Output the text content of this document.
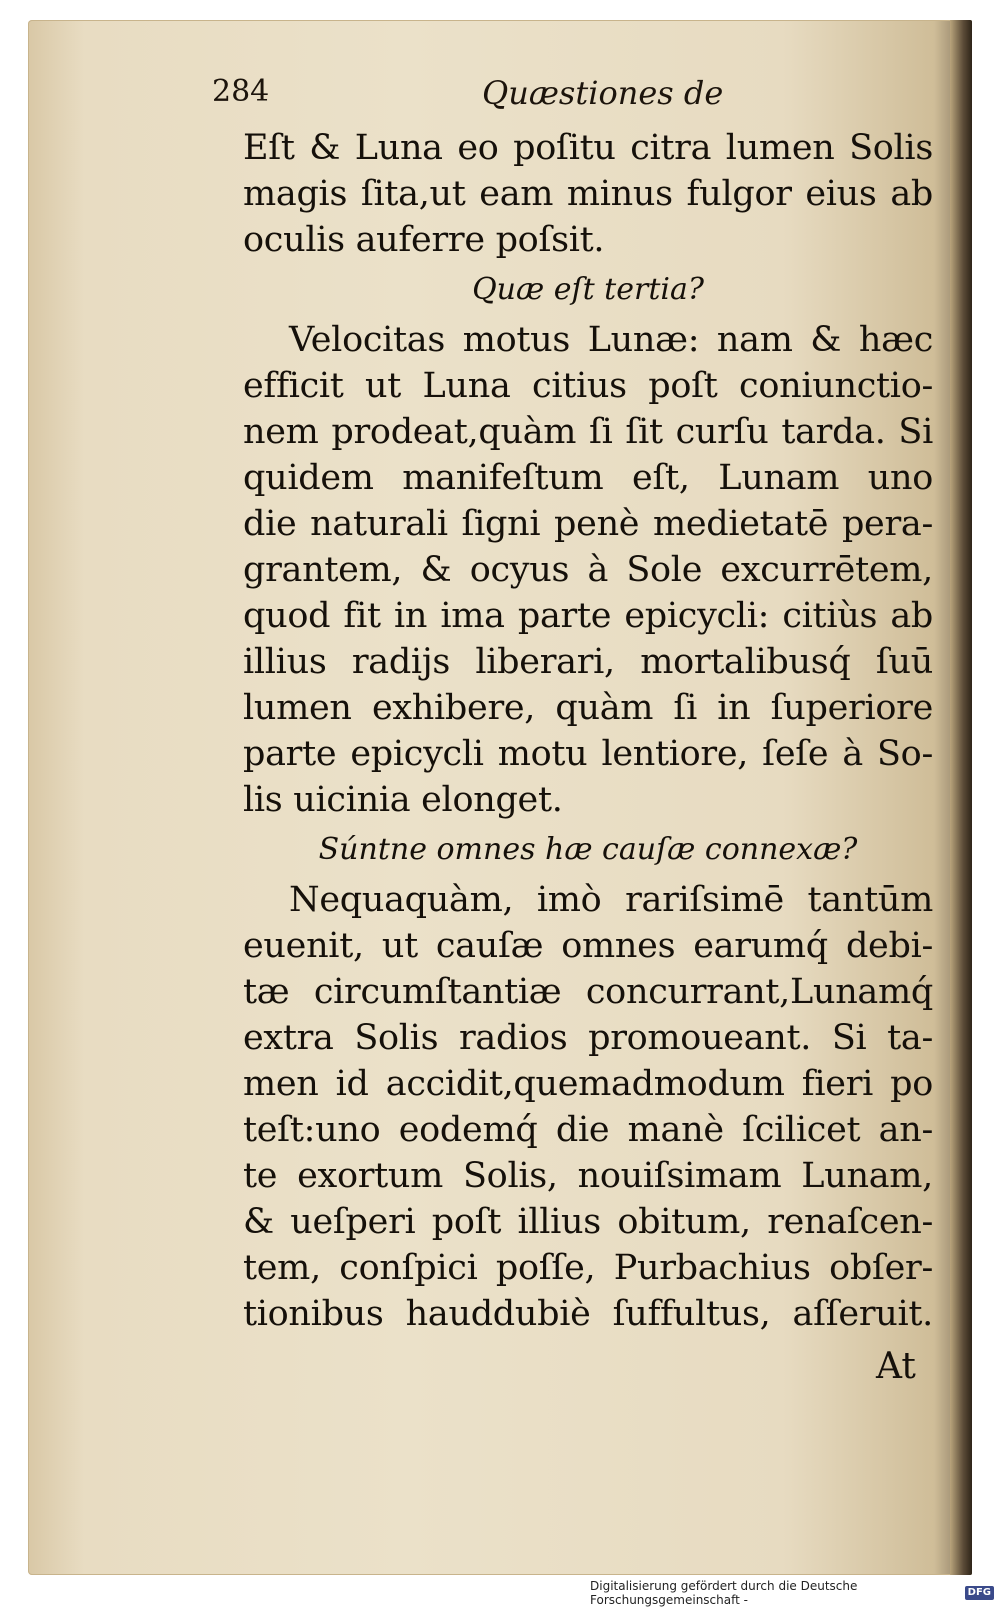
284	Quæstiones de
Eſt & Luna eo poſitu citra lumen Solis
magis ſita,ut eam minus fulgor eius ab
oculis auferre poſsit.
Quæ eſt tertia?
Velocitas motus Lunæ: nam & hæc
efficit ut Luna citius poſt coniunctio-
nem prodeat,quàm ſi ſit curſu tarda. Si
quidem manifeſtum eſt, Lunam uno
die naturali ſigni penè medietatē pera-
grantem, & ocyus à Sole excurrētem,
quod fit in ima parte epicycli: citiùs ab
illius radijs liberari, mortalibusq́ ſuū
lumen exhibere, quàm ſi in ſuperiore
parte epicycli motu lentiore, ſeſe à So-
lis uicinia elonget.
Súntne omnes hæ cauſæ connexæ?
Nequaquàm, imò rariſsimē tantūm
euenit, ut cauſæ omnes earumq́ debi-
tæ circumſtantiæ concurrant,Lunamq́
extra Solis radios promoueant. Si ta-
men id accidit,quemadmodum fieri po
teſt:uno eodemq́ die manè ſcilicet an-
te exortum Solis, nouiſsimam Lunam,
& ueſperi poſt illius obitum, renaſcen-
tem, conſpici poſſe, Purbachius obſer-
tionibus hauddubiè ſuffultus, aſſeruit.
At
Digitalisierung gefördert durch die Deutsche Forschungsgemeinschaft -
DFG
